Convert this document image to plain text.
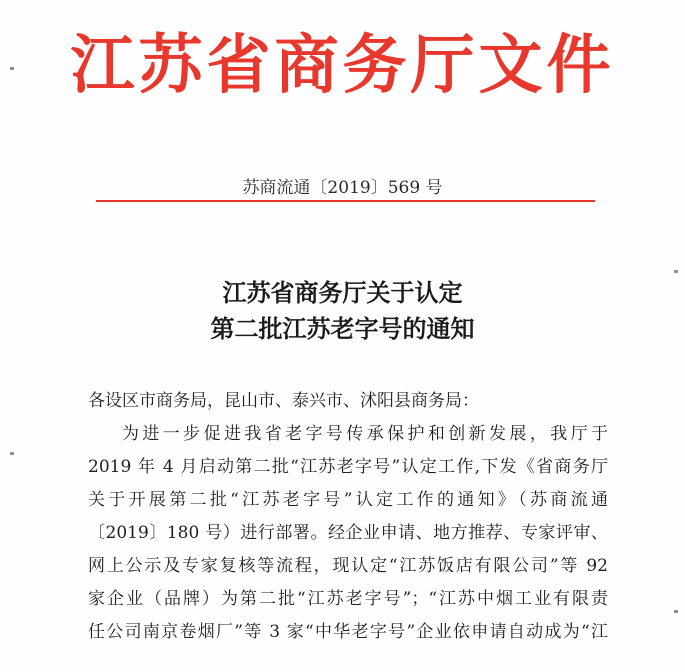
江苏省商务厅文件
苏商流通〔2019〕569 号
江苏省商务厅关于认定
第二批江苏老字号的通知
各设区市商务局，昆山市、泰兴市、沭阳县商务局：
为进一步促进我省老字号传承保护和创新发展，我厅于
2019 年 4 月启动第二批“江苏老字号”认定工作,下发《省商务厅
关于开展第二批“江苏老字号”认定工作的通知》（苏商流通
〔2019〕180 号）进行部署。经企业申请、地方推荐、专家评审、
网上公示及专家复核等流程，现认定“江苏饭店有限公司”等 92
家企业（品牌）为第二批“江苏老字号”；“江苏中烟工业有限责
任公司南京卷烟厂”等 3 家“中华老字号”企业依申请自动成为“江
